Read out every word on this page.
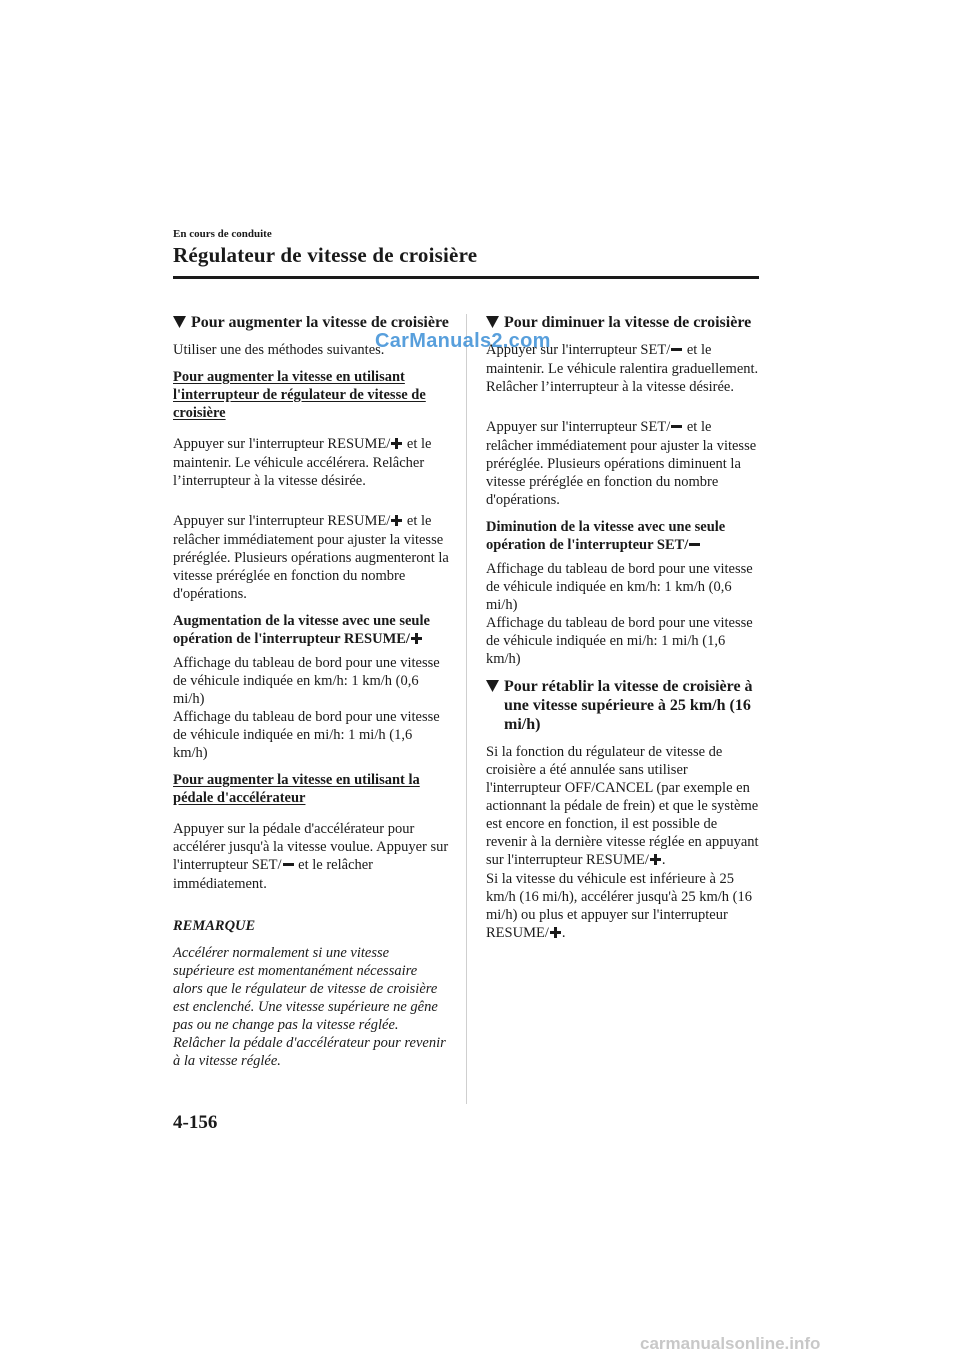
En cours de conduite
Régulateur de vitesse de croisière
Pour augmenter la vitesse de croisière

Utiliser une des méthodes suivantes.

Pour augmenter la vitesse en utilisant l'interrupteur de régulateur de vitesse de croisière

Appuyer sur l'interrupteur RESUME/ et le maintenir. Le véhicule accélérera. Relâcher l’interrupteur à la vitesse désirée.

Appuyer sur l'interrupteur RESUME/ et le relâcher immédiatement pour ajuster la vitesse préréglée. Plusieurs opérations augmenteront la vitesse préréglée en fonction du nombre d'opérations.

Augmentation de la vitesse avec une seule opération de l'interrupteur RESUME/

Affichage du tableau de bord pour une vitesse de véhicule indiquée en km/h: 1 km/h (0,6 mi/h)

Affichage du tableau de bord pour une vitesse de véhicule indiquée en mi/h: 1 mi/h (1,6 km/h)

Pour augmenter la vitesse en utilisant la pédale d'accélérateur

Appuyer sur la pédale d'accélérateur pour accélérer jusqu'à la vitesse voulue. Appuyer sur l'interrupteur SET/ et le relâcher immédiatement.

REMARQUE

Accélérer normalement si une vitesse supérieure est momentanément nécessaire alors que le régulateur de vitesse de croisière est enclenché. Une vitesse supérieure ne gêne pas ou ne change pas la vitesse réglée. Relâcher la pédale d'accélérateur pour revenir à la vitesse réglée.

Pour diminuer la vitesse de croisière

Appuyer sur l'interrupteur SET/ et le maintenir. Le véhicule ralentira graduellement. Relâcher l’interrupteur à la vitesse désirée.

Appuyer sur l'interrupteur SET/ et le relâcher immédiatement pour ajuster la vitesse préréglée. Plusieurs opérations diminuent la vitesse préréglée en fonction du nombre d'opérations.

Diminution de la vitesse avec une seule opération de l'interrupteur SET/

Affichage du tableau de bord pour une vitesse de véhicule indiquée en km/h: 1 km/h (0,6 mi/h)

Affichage du tableau de bord pour une vitesse de véhicule indiquée en mi/h: 1 mi/h (1,6 km/h)

Pour rétablir la vitesse de croisière à une vitesse supérieure à 25 km/h (16 mi/h)

Si la fonction du régulateur de vitesse de croisière a été annulée sans utiliser l'interrupteur OFF/CANCEL (par exemple en actionnant la pédale de frein) et que le système est encore en fonction, il est possible de revenir à la dernière vitesse réglée en appuyant sur l'interrupteur RESUME/ .

Si la vitesse du véhicule est inférieure à 25 km/h (16 mi/h), accélérer jusqu'à 25 km/h (16 mi/h) ou plus et appuyer sur l'interrupteur RESUME/ .

CarManuals2.com
4-156
carmanualsonline.info
